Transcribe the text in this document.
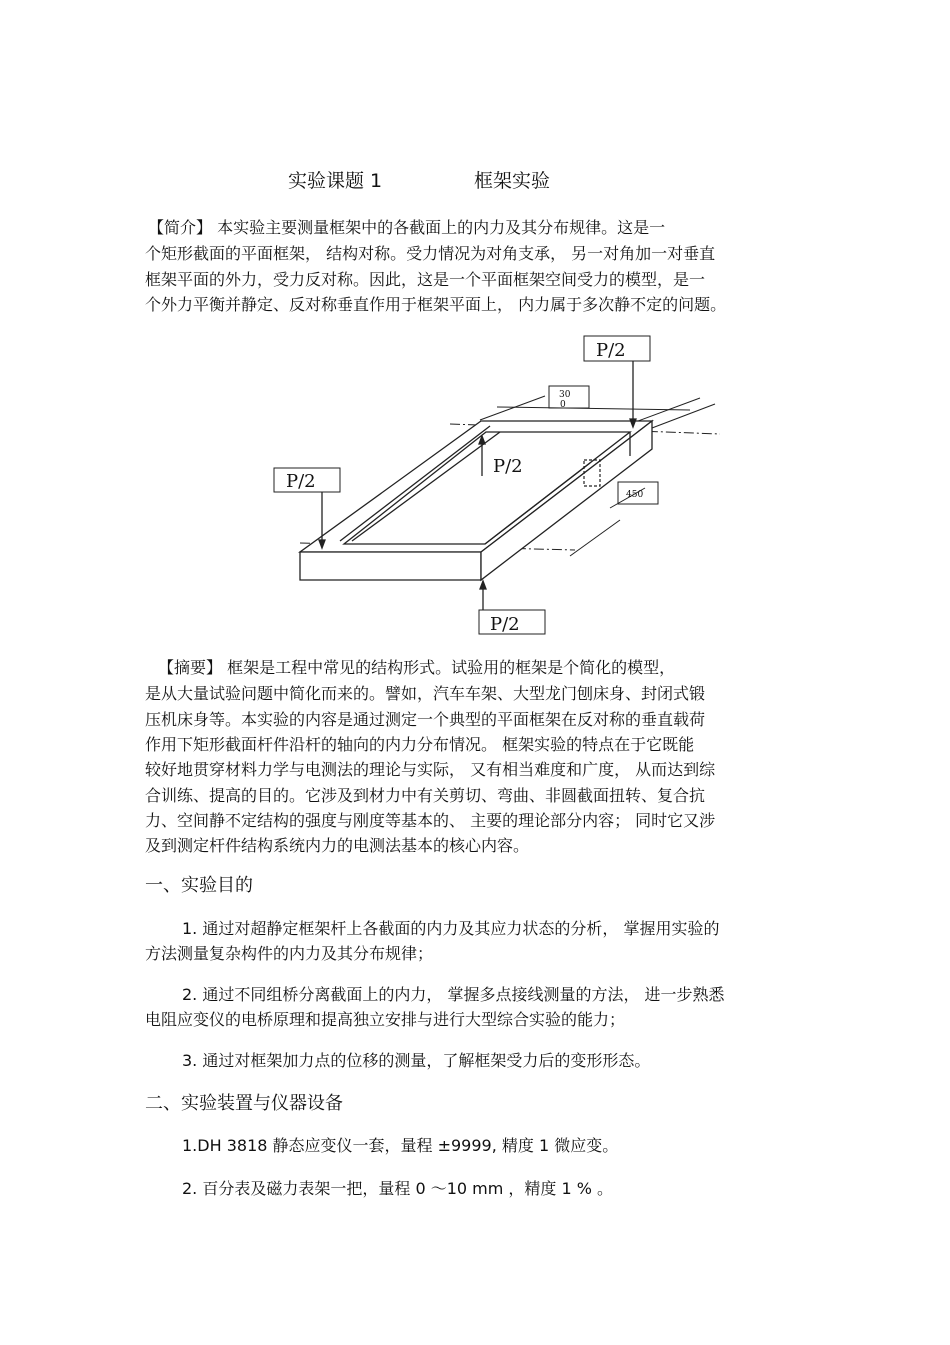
实验课题 1	框架实验
【简介】 本实验主要测量框架中的各截面上的内力及其分布规律。这是一
个矩形截面的平面框架， 结构对称。受力情况为对角支承， 另一对角加一对垂直
框架平面的外力，受力反对称。因此，这是一个平面框架空间受力的模型，是一
个外力平衡并静定、反对称垂直作用于框架平面上， 内力属于多次静不定的问题。
P/2
P/2
P/2
P/2
30
0
450
【摘要】 框架是工程中常见的结构形式。试验用的框架是个简化的模型，
是从大量试验问题中简化而来的。譬如，汽车车架、大型龙门刨床身、封闭式锻
压机床身等。本实验的内容是通过测定一个典型的平面框架在反对称的垂直载荷
作用下矩形截面杆件沿杆的轴向的内力分布情况。 框架实验的特点在于它既能
较好地贯穿材料力学与电测法的理论与实际， 又有相当难度和广度， 从而达到综
合训练、提高的目的。它涉及到材力中有关剪切、弯曲、非圆截面扭转、复合抗
力、空间静不定结构的强度与刚度等基本的、 主要的理论部分内容； 同时它又涉
及到测定杆件结构系统内力的电测法基本的核心内容。
一、实验目的
1. 通过对超静定框架杆上各截面的内力及其应力状态的分析， 掌握用实验的
方法测量复杂构件的内力及其分布规律；
2. 通过不同组桥分离截面上的内力， 掌握多点接线测量的方法， 进一步熟悉
电阻应变仪的电桥原理和提高独立安排与进行大型综合实验的能力；
3. 通过对框架加力点的位移的测量，了解框架受力后的变形形态。
二、实验装置与仪器设备
1.DH 3818 静态应变仪一套，量程 ±9999, 精度 1 微应变。
2. 百分表及磁力表架一把，量程 0 ～10 mm ，精度 1 % 。
